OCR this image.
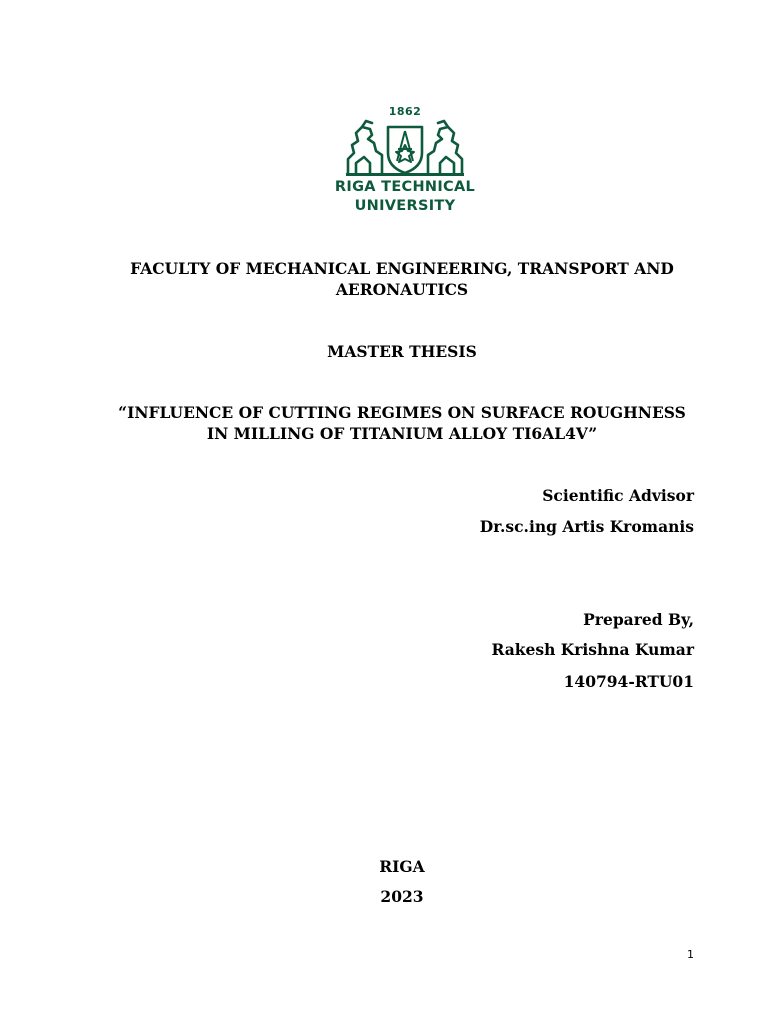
1862
RIGA TECHNICAL
UNIVERSITY
FACULTY OF MECHANICAL ENGINEERING, TRANSPORT AND
AERONAUTICS
MASTER THESIS
“INFLUENCE OF CUTTING REGIMES ON SURFACE ROUGHNESS
IN MILLING OF TITANIUM ALLOY TI6AL4V”
Scientific Advisor
Dr.sc.ing Artis Kromanis
Prepared By,
Rakesh Krishna Kumar
140794-RTU01
RIGA
2023
1
